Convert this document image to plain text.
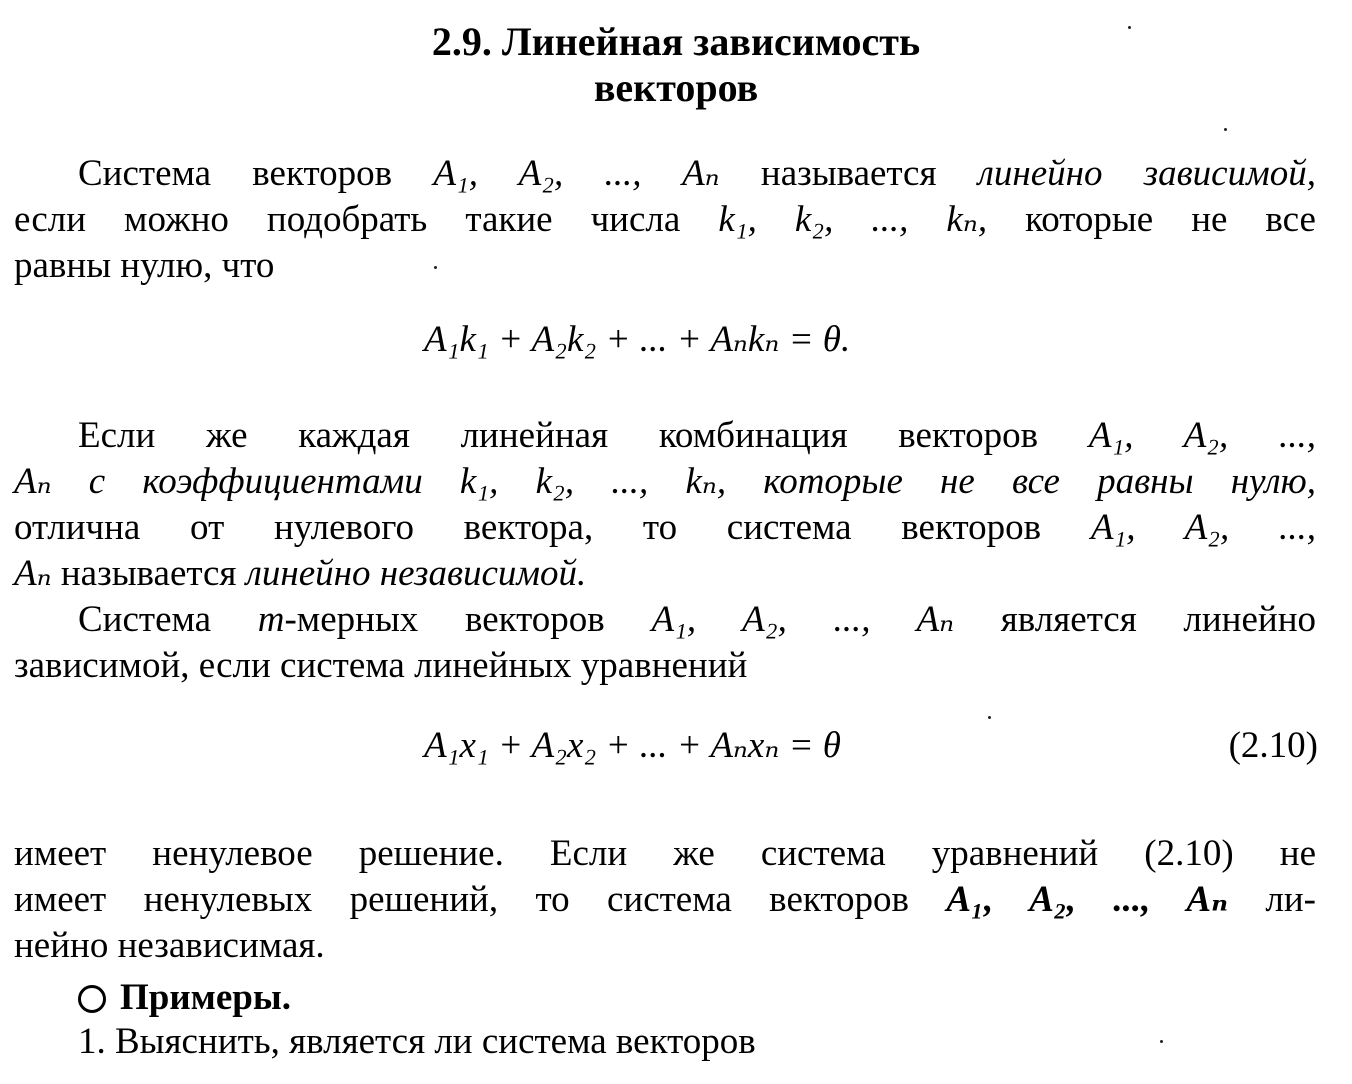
2.9. Линейная зависимость
векторов
Система векторов A₁, A₂, ..., Aₙ называется линейно зависимой,
если можно подобрать такие числа k₁, k₂, ..., kₙ, которые не все
равны нулю, что
A₁k₁ + A₂k₂ + ... + Aₙkₙ = θ.
Если же каждая линейная комбинация векторов A₁, A₂, ...,
Aₙ с коэффициентами k₁, k₂, ..., kₙ, которые не все равны нулю,
отлична от нулевого вектора, то система векторов A₁, A₂, ...,
Aₙ называется линейно независимой.
Система m-мерных векторов A₁, A₂, ..., Aₙ является линейно
зависимой, если система линейных уравнений
A₁x₁ + A₂x₂ + ... + Aₙxₙ = θ	(2.10)
имеет ненулевое решение. Если же система уравнений (2.10) не
имеет ненулевых решений, то система векторов A₁, A₂, ..., Aₙ ли-
нейно независимая.
Примеры.
1. Выяснить, является ли система векторов
